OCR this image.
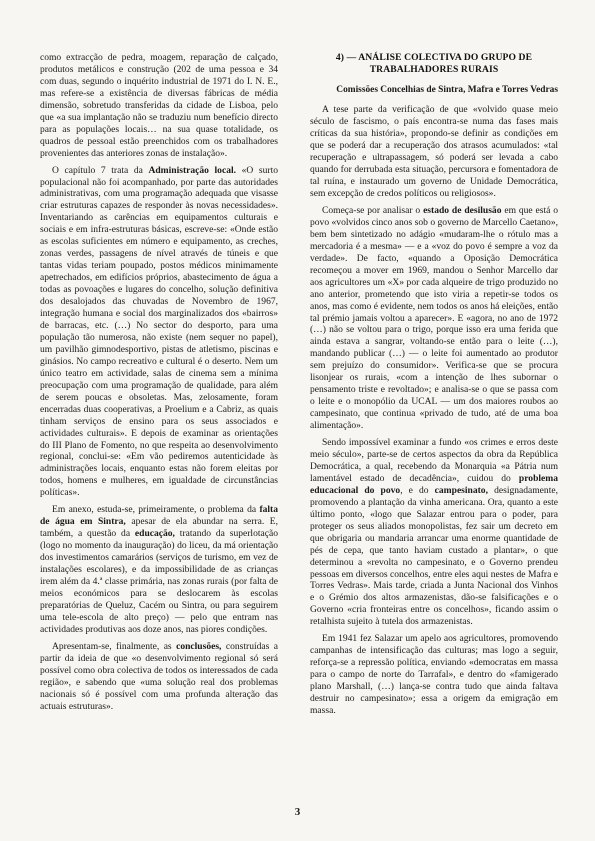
como extracção de pedra, moagem, reparação de calçado, produtos metálicos e construção (202 de uma pessoa e 34 com duas, segundo o inquérito industrial de 1971 do I. N. E., mas refere-se a existência de diversas fábricas de média dimensão, sobretudo transferidas da cidade de Lisboa, pelo que «a sua implantação não se traduziu num benefício directo para as populações locais… na sua quase totalidade, os quadros de pessoal estão preenchidos com os trabalhadores provenientes das anteriores zonas de instalação».

O capítulo 7 trata da Administração local. «O surto populacional não foi acompanhado, por parte das autoridades administrativas, com uma programação adequada que visasse criar estruturas capazes de responder às novas necessidades». Inventariando as carências em equipamentos culturais e sociais e em infra-estruturas básicas, escreve-se: «Onde estão as escolas suficientes em número e equipamento, as creches, zonas verdes, passagens de nível através de túneis e que tantas vidas teriam poupado, postos médicos minimamente apetrechados, em edifícios próprios, abastecimento de água a todas as povoações e lugares do concelho, solução definitiva dos desalojados das chuvadas de Novembro de 1967, integração humana e social dos marginalizados dos «bairros» de barracas, etc. (…) No sector do desporto, para uma população tão numerosa, não existe (nem sequer no papel), um pavilhão gimnodesportivo, pistas de atletismo, piscinas e ginásios. No campo recreativo e cultural é o deserto. Nem um único teatro em actividade, salas de cinema sem a mínima preocupação com uma programação de qualidade, para além de serem poucas e obsoletas. Mas, zelosamente, foram encerradas duas cooperativas, a Proelium e a Cabriz, as quais tinham serviços de ensino para os seus associados e actividades culturais». E depois de examinar as orientações do III Plano de Fomento, no que respeita ao desenvolvimento regional, conclui-se: «Em vão pediremos autenticidade às administrações locais, enquanto estas não forem eleitas por todos, homens e mulheres, em igualdade de circunstâncias políticas».

Em anexo, estuda-se, primeiramente, o problema da falta de água em Sintra, apesar de ela abundar na serra. E, também, a questão da educação, tratando da superlotação (logo no momento da inauguração) do liceu, da má orientação dos investimentos camarários (serviços de turismo, em vez de instalações escolares), e da impossibilidade de as crianças irem além da 4.ª classe primária, nas zonas rurais (por falta de meios económicos para se deslocarem às escolas preparatórias de Queluz, Cacém ou Sintra, ou para seguirem uma tele-escola de alto preço) — pelo que entram nas actividades produtivas aos doze anos, nas piores condições.

Apresentam-se, finalmente, as conclusões, construídas a partir da ideia de que «o desenvolvimento regional só será possível como obra colectiva de todos os interessados de cada região», e sabendo que «uma solução real dos problemas nacionais só é possível com uma profunda alteração das actuais estruturas».

4) — ANÁLISE COLECTIVA DO GRUPO DE
TRABALHADORES RURAIS
Comissões Concelhias de Sintra, Mafra e Torres Vedras

A tese parte da verificação de que «volvido quase meio século de fascismo, o país encontra-se numa das fases mais críticas da sua história», propondo-se definir as condições em que se poderá dar a recuperação dos atrasos acumulados: «tal recuperação e ultrapassagem, só poderá ser levada a cabo quando for derrubada esta situação, percursora e fomentadora de tal ruína, e instaurado um governo de Unidade Democrática, sem excepção de credos políticos ou religiosos».

Começa-se por analisar o estado de desilusão em que está o povo «volvidos cinco anos sob o governo de Marcello Caetano», bem bem sintetizado no adágio «mudaram-lhe o rótulo mas a mercadoria é a mesma» — e a «voz do povo é sempre a voz da verdade». De facto, «quando a Oposição Democrática recomeçou a mover em 1969, mandou o Senhor Marcello dar aos agricultores um «X» por cada alqueire de trigo produzido no ano anterior, prometendo que isto viria a repetir-se todos os anos, mas como é evidente, nem todos os anos há eleições, então tal prémio jamais voltou a aparecer». E «agora, no ano de 1972 (…) não se voltou para o trigo, porque isso era uma ferida que ainda estava a sangrar, voltando-se então para o leite (…), mandando publicar (…) — o leite foi aumentado ao produtor sem prejuízo do consumidor». Verifica-se que se procura lisonjear os rurais, «com a intenção de lhes subornar o pensamento triste e revoltado»; e analisa-se o que se passa com o leite e o monopólio da UCAL — um dos maiores roubos ao campesinato, que continua «privado de tudo, até de uma boa alimentação».

Sendo impossível examinar a fundo «os crimes e erros deste meio século», parte-se de certos aspectos da obra da República Democrática, a qual, recebendo da Monarquia «a Pátria num lamentável estado de decadência», cuidou do problema educacional do povo, e do campesinato, designadamente, promovendo a plantação da vinha americana. Ora, quanto a este último ponto, «logo que Salazar entrou para o poder, para proteger os seus aliados monopolistas, fez sair um decreto em que obrigaria ou mandaria arrancar uma enorme quantidade de pés de cepa, que tanto haviam custado a plantar», o que determinou a «revolta no campesinato, e o Governo prendeu pessoas em diversos concelhos, entre eles aqui nestes de Mafra e Torres Vedras». Mais tarde, criada a Junta Nacional dos Vinhos e o Grémio dos altos armazenistas, dão-se falsificações e o Governo «cria fronteiras entre os concelhos», ficando assim o retalhista sujeito à tutela dos armazenistas.

Em 1941 fez Salazar um apelo aos agricultores, promovendo campanhas de intensificação das culturas; mas logo a seguir, reforça-se a repressão política, enviando «democratas em massa para o campo de norte do Tarrafal», e dentro do «famigerado plano Marshall, (…) lança-se contra tudo que ainda faltava destruir no campesinato»; essa a origem da emigração em massa.

3
